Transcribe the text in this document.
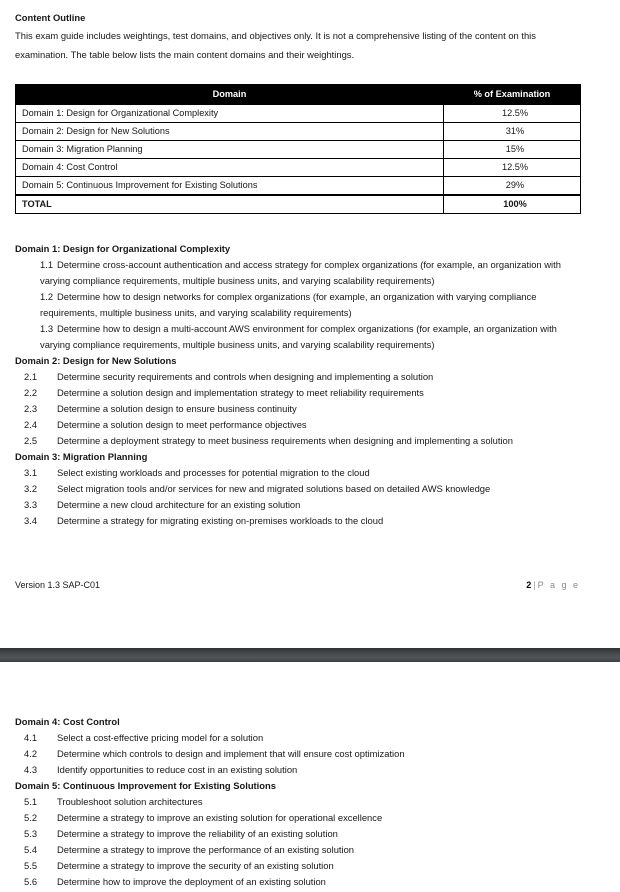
Content Outline

This exam guide includes weightings, test domains, and objectives only. It is not a comprehensive listing of the content on this examination. The table below lists the main content domains and their weightings.

Domain	% of Examination
Domain 1: Design for Organizational Complexity	12.5%
Domain 2: Design for New Solutions	31%
Domain 3: Migration Planning	15%
Domain 4: Cost Control	12.5%
Domain 5: Continuous Improvement for Existing Solutions	29%
TOTAL	100%
Domain 1: Design for Organizational Complexity

1.1 Determine cross-account authentication and access strategy for complex organizations (for example, an organization with varying compliance requirements, multiple business units, and varying scalability requirements)

1.2 Determine how to design networks for complex organizations (for example, an organization with varying compliance requirements, multiple business units, and varying scalability requirements)

1.3 Determine how to design a multi-account AWS environment for complex organizations (for example, an organization with varying compliance requirements, multiple business units, and varying scalability requirements)

Domain 2: Design for New Solutions

2.1 Determine security requirements and controls when designing and implementing a solution

2.2 Determine a solution design and implementation strategy to meet reliability requirements

2.3 Determine a solution design to ensure business continuity

2.4 Determine a solution design to meet performance objectives

2.5 Determine a deployment strategy to meet business requirements when designing and implementing a solution

Domain 3: Migration Planning

3.1 Select existing workloads and processes for potential migration to the cloud

3.2 Select migration tools and/or services for new and migrated solutions based on detailed AWS knowledge

3.3 Determine a new cloud architecture for an existing solution

3.4 Determine a strategy for migrating existing on-premises workloads to the cloud

Version 1.3 SAP-C01	2 | P a g e
Domain 4: Cost Control

4.1 Select a cost-effective pricing model for a solution

4.2 Determine which controls to design and implement that will ensure cost optimization

4.3 Identify opportunities to reduce cost in an existing solution

Domain 5: Continuous Improvement for Existing Solutions

5.1 Troubleshoot solution architectures

5.2 Determine a strategy to improve an existing solution for operational excellence

5.3 Determine a strategy to improve the reliability of an existing solution

5.4 Determine a strategy to improve the performance of an existing solution

5.5 Determine a strategy to improve the security of an existing solution

5.6 Determine how to improve the deployment of an existing solution
